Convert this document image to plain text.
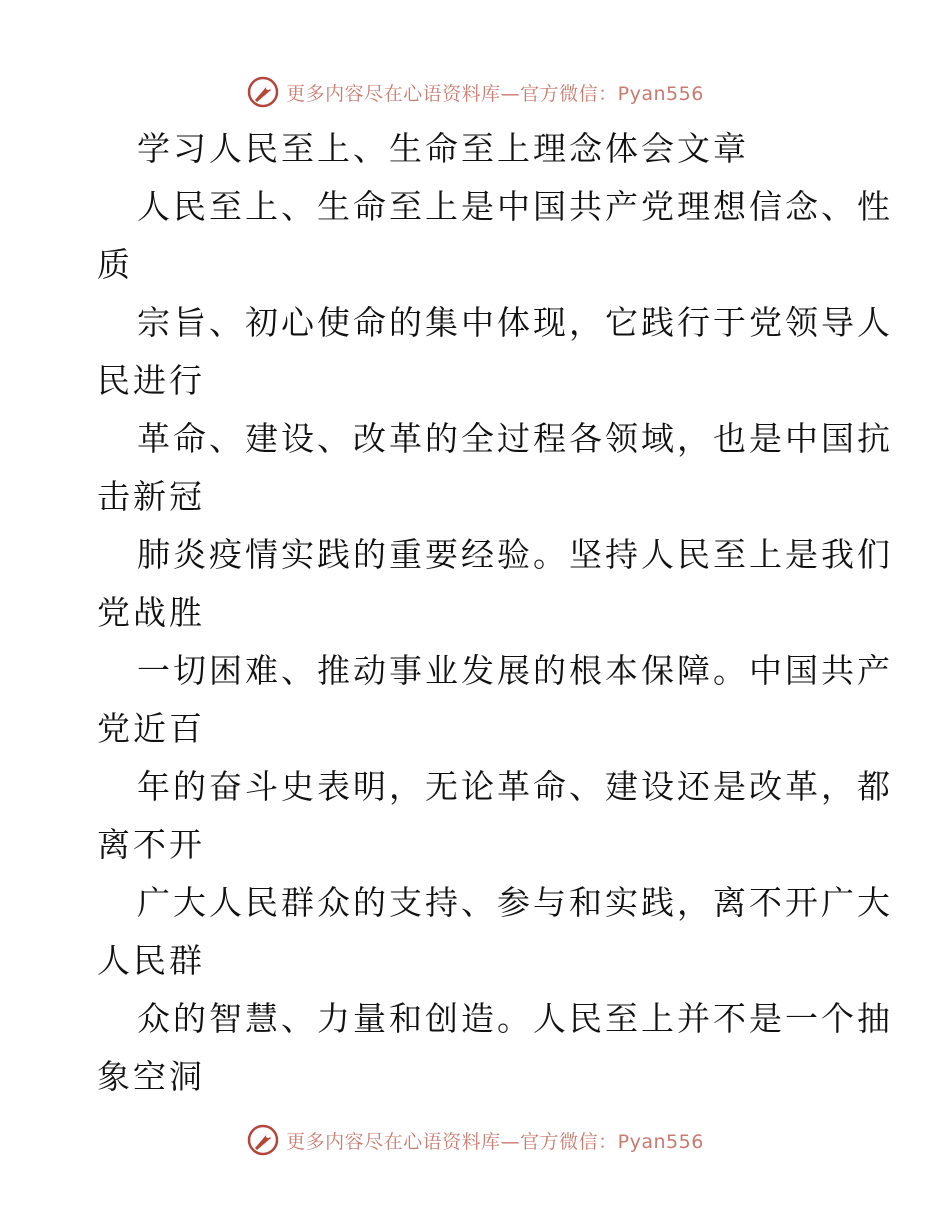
更多内容尽在心语资料库—官方微信：Pyan556
学习人民至上、生命至上理念体会文章
人民至上、生命至上是中国共产党理想信念、性
质
宗旨、初心使命的集中体现，它践行于党领导人
民进行
革命、建设、改革的全过程各领域，也是中国抗
击新冠
肺炎疫情实践的重要经验。坚持人民至上是我们
党战胜
一切困难、推动事业发展的根本保障。中国共产
党近百
年的奋斗史表明，无论革命、建设还是改革，都
离不开
广大人民群众的支持、参与和实践，离不开广大
人民群
众的智慧、力量和创造。人民至上并不是一个抽
象空洞
更多内容尽在心语资料库—官方微信：Pyan556
